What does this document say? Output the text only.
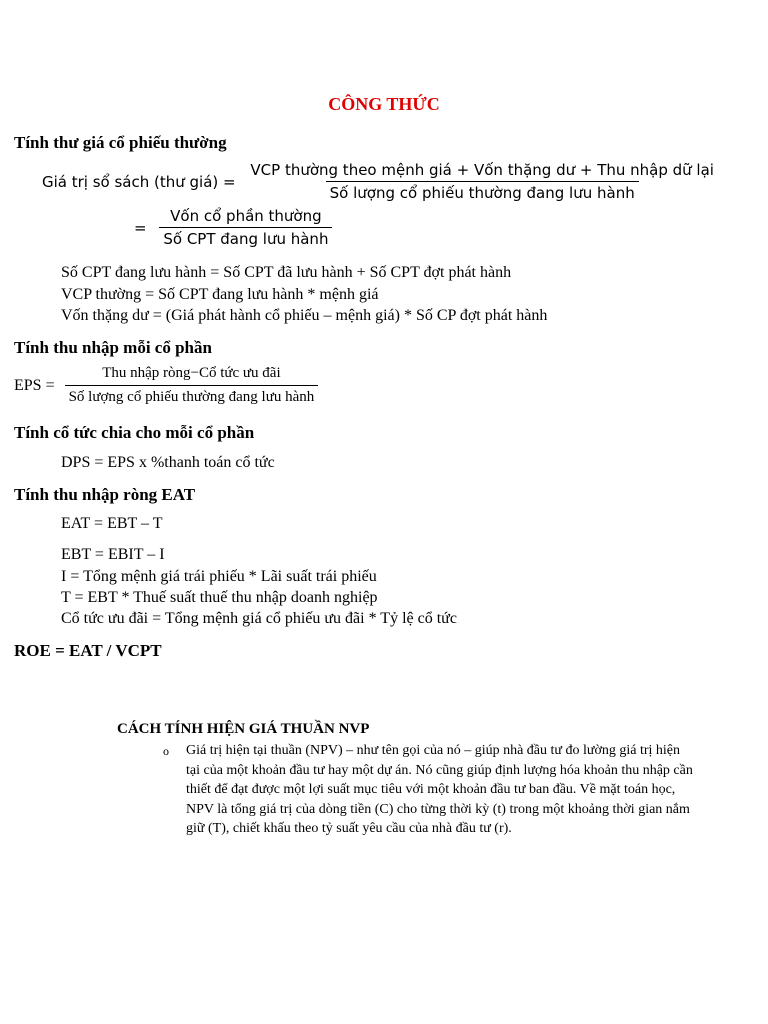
CÔNG THỨC
Tính thư giá cổ phiếu thường
Giá trị sổ sách (thư giá) = $\frac{\text{VCP thường theo mệnh giá + Vốn thặng dư + Thu nhập dữ lại}}{\text{Số lượng cổ phiếu thường đang lưu hành}}$
= $\frac{\text{Vốn cổ phần thường}}{\text{Số CPT đang lưu hành}}$
Số CPT đang lưu hành = Số CPT đã lưu hành + Số CPT đợt phát hành
VCP thường = Số CPT đang lưu hành * mệnh giá
Vốn thặng dư = (Giá phát hành cổ phiếu – mệnh giá) * Số CP đợt phát hành
Tính thu nhập mỗi cổ phần
EPS = $\frac{\text{Thu nhập ròng−Cổ tức ưu đãi}}{\text{Số lượng cổ phiếu thường đang lưu hành}}$
Tính cổ tức chia cho mỗi cổ phần
DPS = EPS x %thanh toán cổ tức
Tính thu nhập ròng EAT
EAT = EBT – T
EBT = EBIT – I
I = Tổng mệnh giá trái phiếu * Lãi suất trái phiếu
T = EBT * Thuế suất thuế thu nhập doanh nghiệp
Cổ tức ưu đãi = Tổng mệnh giá cổ phiếu ưu đãi * Tỷ lệ cổ tức
ROE = EAT / VCPT
CÁCH TÍNH HIỆN GIÁ THUẦN NVP
o Giá trị hiện tại thuần (NPV) – như tên gọi của nó – giúp nhà đầu tư đo lường giá trị hiện tại của một khoản đầu tư hay một dự án. Nó cũng giúp định lượng hóa khoản thu nhập cần thiết để đạt được một lợi suất mục tiêu với một khoản đầu tư ban đầu. Về mặt toán học, NPV là tổng giá trị của dòng tiền (C) cho từng thời kỳ (t) trong một khoảng thời gian nắm giữ (T), chiết khấu theo tỷ suất yêu cầu của nhà đầu tư (r).
